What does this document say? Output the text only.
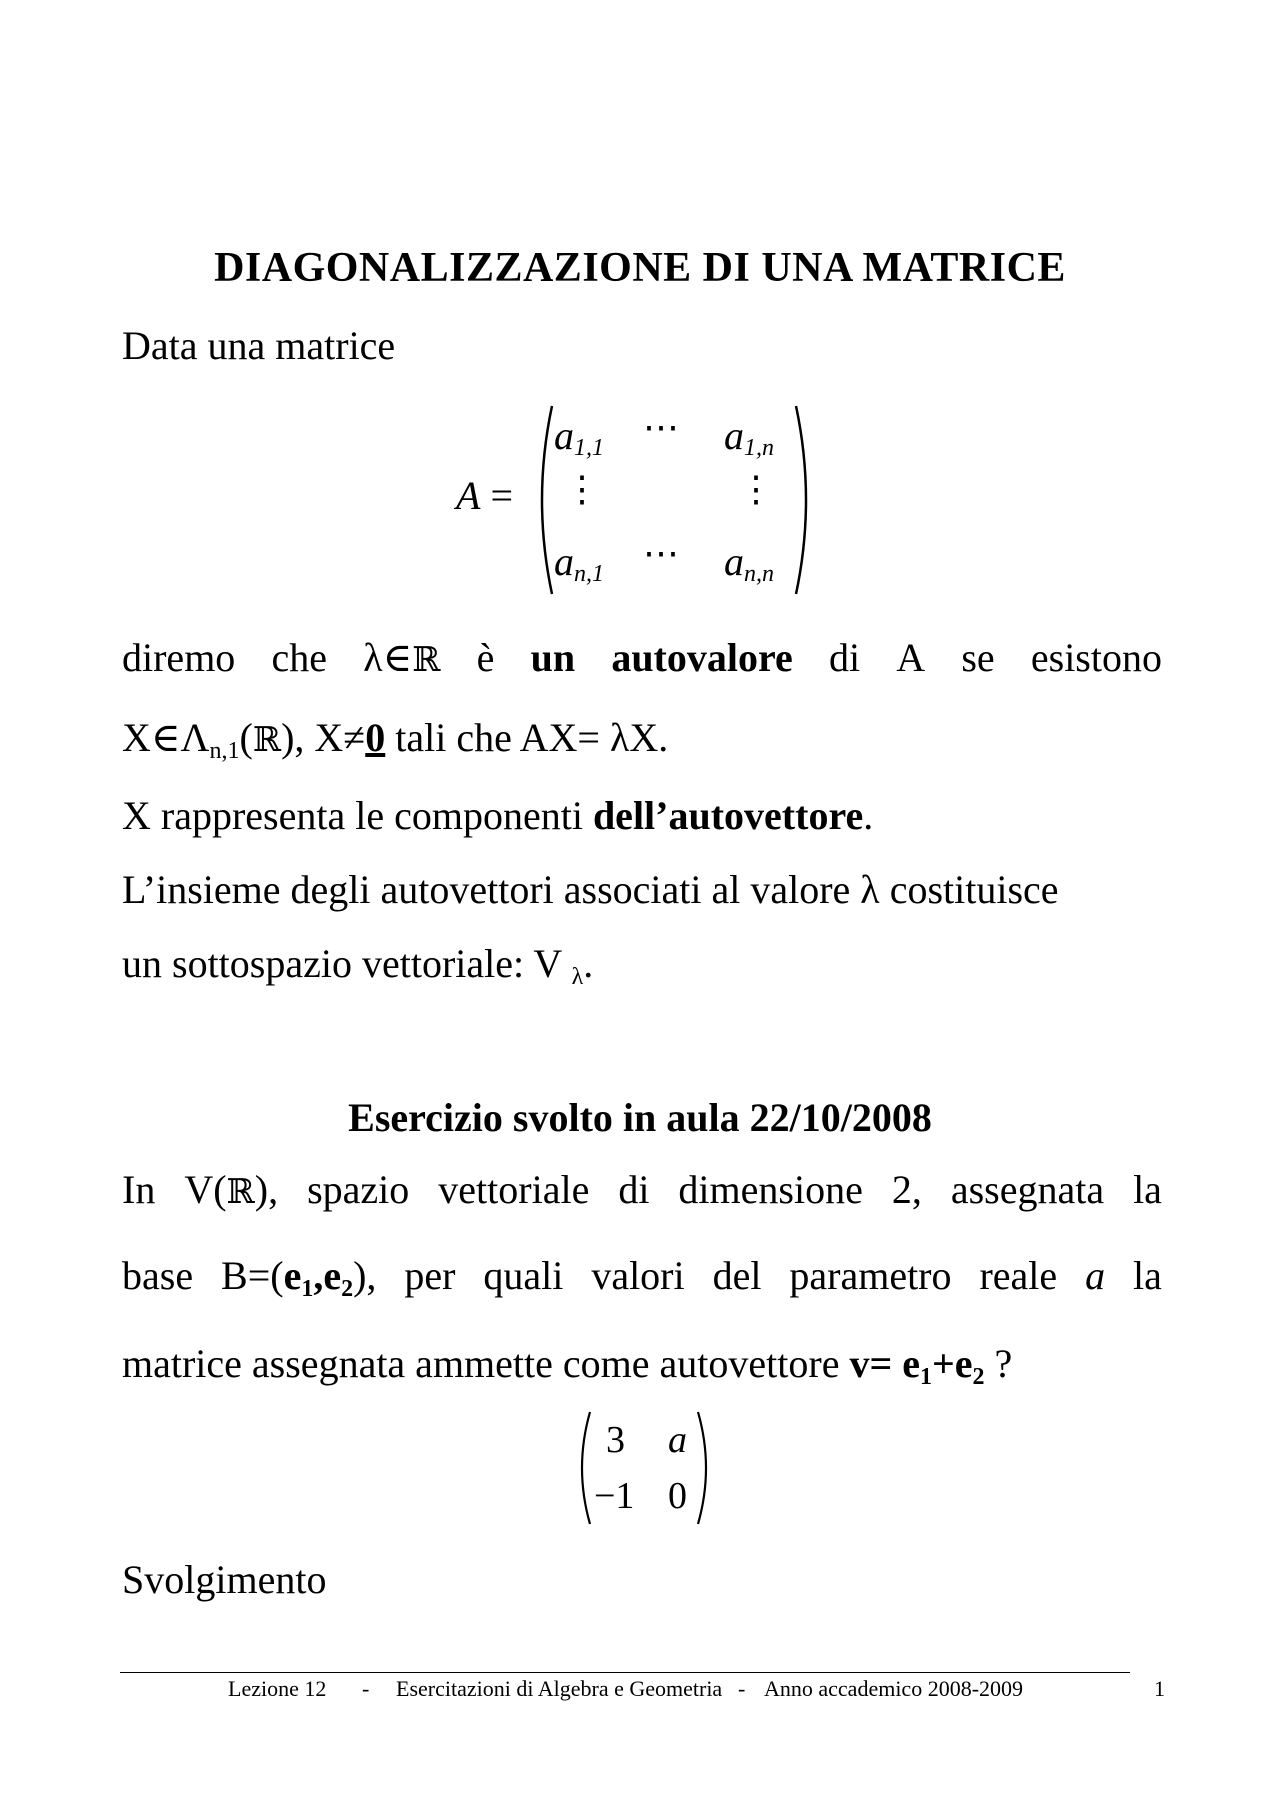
DIAGONALIZZAZIONE DI UNA MATRICE
Data una matrice
A =
$a_{1,1}$
⋯ $a_{1,n}$
⋮	⋮
$a_{n,1}$
⋯ $a_{n,n}$
diremo che λ∈ℝ è un autovalore di A se esistono
$X\in\Lambda_{n,1}(ℝ)$, X≠0 tali che AX= λX.
X rappresenta le componenti dell’autovettore.
L’insieme degli autovettori associati al valore λ costituisce
un sottospazio vettoriale: V $_\lambda$.
Esercizio svolto in aula 22/10/2008
In V(ℝ), spazio vettoriale di dimensione 2, assegnata la
base $B=(e_1,e_2)$, per quali valori del parametro reale a la
matrice assegnata ammette come autovettore $v= e_1+e_2$ ?
3 a
−1 0
Svolgimento
Lezione 12 - Esercitazioni di Algebra e Geometria - Anno accademico 2008-2009	1
